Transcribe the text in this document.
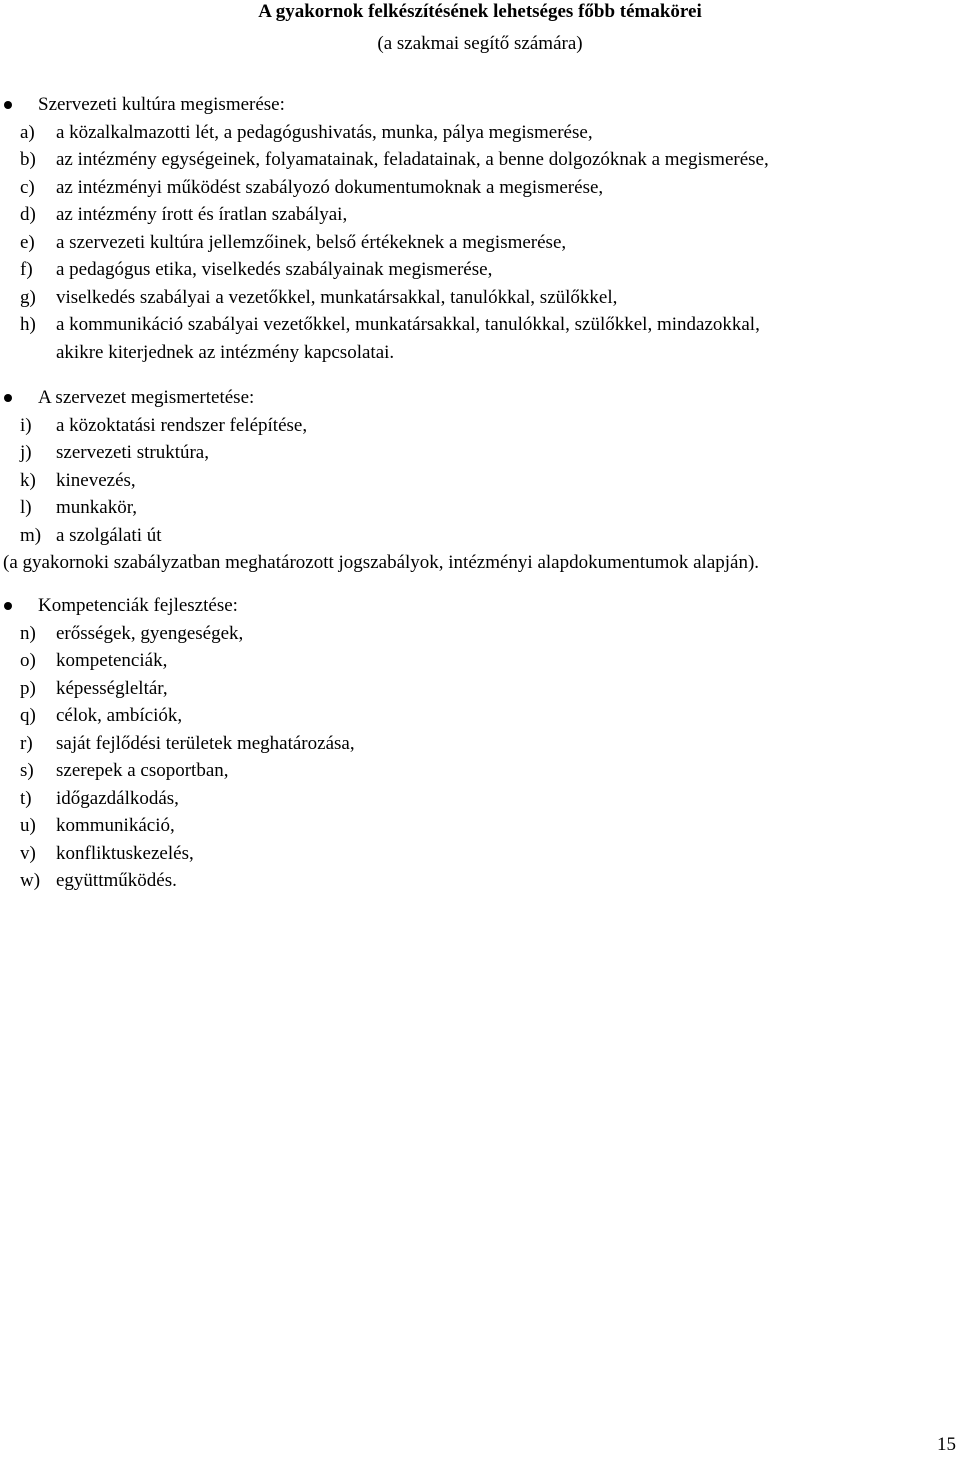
A gyakornok felkészítésének lehetséges főbb témakörei
(a szakmai segítő számára)
Szervezeti kultúra megismerése:
a) a közalkalmazotti lét, a pedagógushivatás, munka, pálya megismerése,
b) az intézmény egységeinek, folyamatainak, feladatainak, a benne dolgozóknak a megismerése,
c) az intézményi működést szabályozó dokumentumoknak a megismerése,
d) az intézmény írott és íratlan szabályai,
e) a szervezeti kultúra jellemzőinek, belső értékeknek a megismerése,
f) a pedagógus etika, viselkedés szabályainak megismerése,
g) viselkedés szabályai a vezetőkkel, munkatársakkal, tanulókkal, szülőkkel,
h) a kommunikáció szabályai vezetőkkel, munkatársakkal, tanulókkal, szülőkkel, mindazokkal,
akikre kiterjednek az intézmény kapcsolatai.
A szervezet megismertetése:
i) a közoktatási rendszer felépítése,
j) szervezeti struktúra,
k) kinevezés,
l) munkakör,
m) a szolgálati út
(a gyakornoki szabályzatban meghatározott jogszabályok, intézményi alapdokumentumok alapján).
Kompetenciák fejlesztése:
n) erősségek, gyengeségek,
o) kompetenciák,
p) képességleltár,
q) célok, ambíciók,
r) saját fejlődési területek meghatározása,
s) szerepek a csoportban,
t) időgazdálkodás,
u) kommunikáció,
v) konfliktuskezelés,
w) együttműködés.
15
